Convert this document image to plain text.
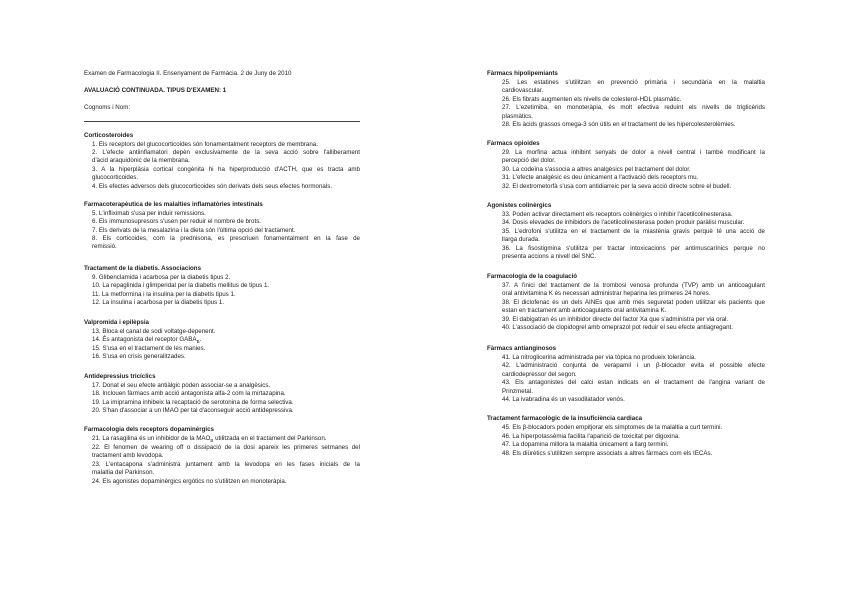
Examen de Farmacologia II. Ensenyament de Farmàcia. 2 de Juny de 2010
AVALUACIÓ CONTINUADA. TIPUS D'EXAMEN: 1
Cognoms i Nom:
Corticosteroides
1. Els receptors del glucocorticoides són fonamentalment receptors de membrana.
2. L'efecte antiinflamatori depèn exclusivamente de la seva acció sobre l'alliberament
d'àcid araquidònic de la membrana.
3. A la hiperplàsia cortical congènita hi ha hiperproducció d'ACTH, que es tracta amb
glucocorticoides.
4. Els efectes adversos dels glucocorticoides són derivats dels seus efectes hormonals.
Farmacoterapèutica de les malalties inflamatòries intestinals
5. L'infliximab s'usa per induir remissions.
6. Els immunosupresors s'usen per reduir el nombre de brots.
7. Els derivats de la mesalazina i la dieta són l'última opció del tractament.
8. Els corticoides, com la prednisona, es prescriuen fonamentalment en la fase de
remissió.
Tractament de la diabetis. Associacions
9. Glibenclamida i acarbosa per la diabetis tipus 2.
10. La repaglinida i glimperidal per la diabetis mellitus de tipus 1.
11. La metformina i la insulina per la diabetis tipus 1.
12. La insulina i acarbosa per la diabetis tipus 1.
Valpromida i epilèpsia
13. Bloca el canal de sodi voltatge-depenent.
14. És antagonista del receptor $GABA_B$.
15. S'usa en el tractament de les manies.
16. S'usa en crisis generalitzades.
Antidepressius tricíclics
17. Donat el seu efecte antiàlgic poden associar-se a analgèsics.
18. Inclouen fàrmacs amb acció antagonista alfa-2 com la mirtazapina.
19. La imipramina inhibeix la recaptació de serotonina de forma selectiva.
20. S'han d'associar a un IMAO per tal d'aconseguir acció antidepressiva.
Farmacologia dels receptors dopaminèrgics
21. La rasagilina és un inhibidor de la $MAO_B$ utilitzada en el tractament del Parkinson.
22. El fenomen de wearing off o dissipació de la dosi apareix les primeres setmanes del
tractament amb levodopa.
23. L'entacapona s'administra juntament amb la levodopa en les fases inicials de la
malaltia del Parkinson.
24. Els agonistes dopaminèrgics ergòtics no s'utilitzen en monoteràpia.
Fàrmacs hipolipemiants
25. Les estatines s'utilitzan en prevenció primària i secundària en la malaltia
cardiovascular.
26. Els fibrats augmenten els nivells de colesterol-HDL plasmàtic.
27. L'ezetimiba, en monoteràpia, és molt efectiva reduint els nivells de triglicèrids
plasmàtics.
28. Els àcids grassos omega-3 són útils en el tractament de les hipercolesterolèmies.
Fàrmacs opioides
29. La morfina actua inhibint senyals de dolor a nivell central i també modificant la
percepció del dolor.
30. La codeïna s'associa a altres analgèsics pel tractament del dolor.
31. L'efecte analgèsic es deu únicament a l'activació dels receptors mu.
32. El dextrometorfà s'usa com antidiarreic per la seva acció directe sobre el budell.
Agonistes colinèrgics
33. Poden activar directament els receptors colinèrgics o inhibir l'acetilcolinesterasa.
34. Dosis elevades de inhibidors de l'acetilcolinesterasa poden produir paràlisi muscular.
35. L'edrofoni s'utilitza en el tractament de la miastènia gravis perquè té una acció de
llarga durada.
36. La fisostigmina s'utilitza per tractar intoxicacions per antimuscarínics perque no
presenta accions a nivell del SNC.
Farmacologia de la coagulació
37. A l'inici del tractament de la trombosi venosa profunda (TVP) amb un anticoagulant
oral antivitamina K és necessari administrar heparina les primeres 24 hores.
38. El diclofenac és un dels AINEs que amb més seguretat poden utilitzar els pacients que
estan en tractament amb anticoagulants oral antivitamina K.
39. El dabigatran és un inhibidor directe del factor Xa que s'administra per via oral.
40. L'associació de clopidogrel amb omeprazol pot reduir el seu efecte antiagregant.
Fàrmacs antianginosos
41. La nitroglicerina administrada per via tòpica no produeix tolerància.
42. L'administració conjunta de verapamil i un β-blocador evita el possible efecte
cardiodepressor del segon.
43. Els antagonistes del calci estan indicats en el tractament de l'angina variant de
Prinzmetal.
44. La ivabradina és un vasodilatador venós.
Tractament farmacològic de la insuficiència cardiaca
45. Els β-blocadors poden empitjorar els símptomes de la malaltia a curt termini.
46. La hiperpotassèmia facilita l'aparició de toxicitat per digoxina.
47. La dopamina millora la malaltia únicament a llarg termini.
48. Els diürètics s'utilitzen sempre associats a altres fàrmacs com els IECAs.
